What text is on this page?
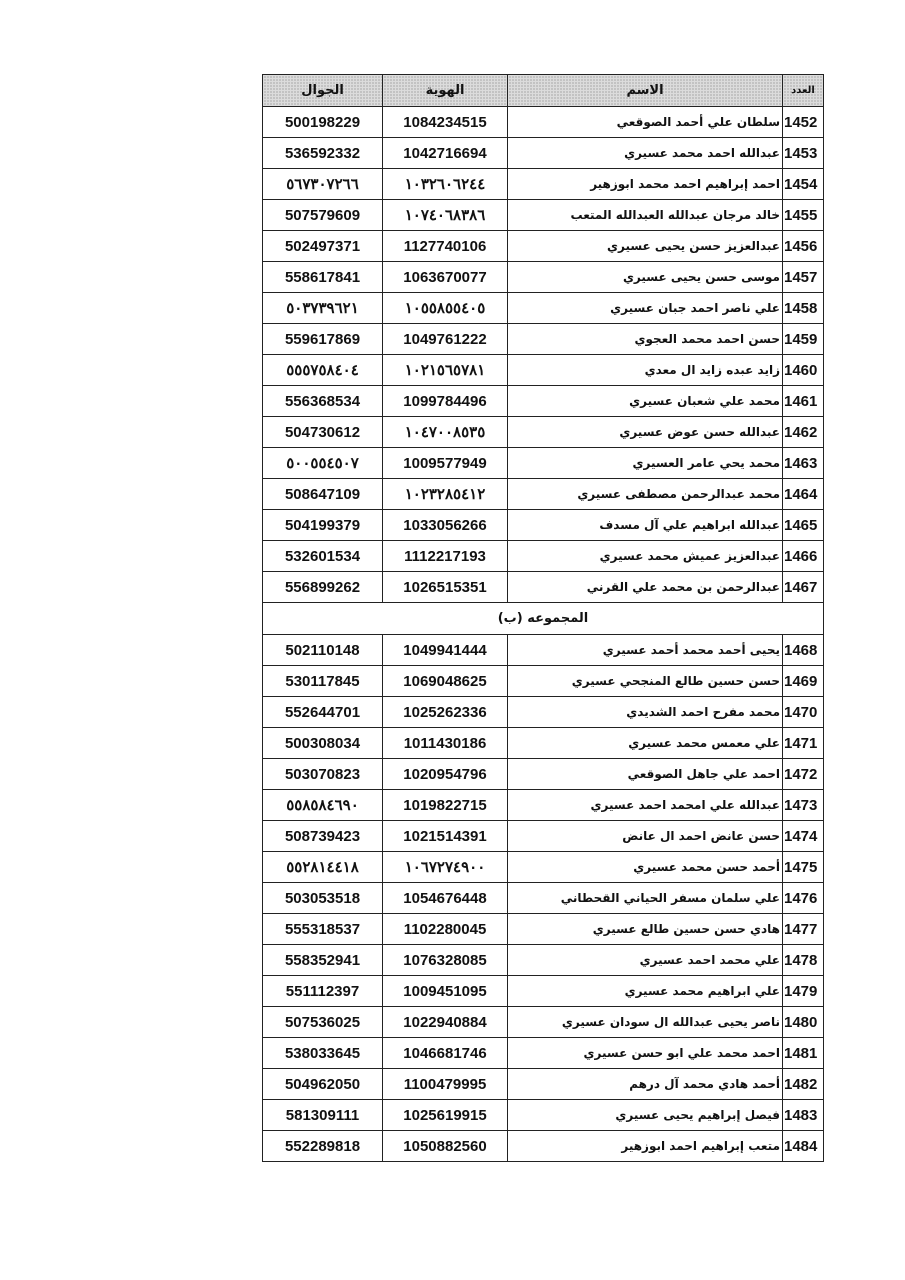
الجوال	الهوية	الاسم	العدد
500198229	1084234515	سلطان علي أحمد الصوقعي	1452
536592332	1042716694	عبدالله احمد محمد عسيري	1453
٥٦٧٣٠٧٢٦٦	١٠٣٢٦٠٦٢٤٤	احمد إبراهيم احمد محمد ابوزهير	1454
507579609	١٠٧٤٠٦٨٣٨٦	خالد مرجان عبدالله العبدالله المتعب	1455
502497371	1127740106	عبدالعزيز حسن يحيى عسيري	1456
558617841	1063670077	موسى حسن يحيى عسيري	1457
٥٠٣٧٣٩٦٢١	١٠٥٥٨٥٥٤٠٥	علي ناصر احمد جبان عسيري	1458
559617869	1049761222	حسن احمد محمد العجوي	1459
٥٥٥٧٥٨٤٠٤	١٠٢١٥٦٥٧٨١	زايد عبده زايد ال معدي	1460
556368534	1099784496	محمد علي شعبان عسيري	1461
504730612	١٠٤٧٠٠٨٥٣٥	عبدالله حسن عوض عسيري	1462
٥٠٠٥٥٤٥٠٧	1009577949	محمد يحي عامر العسيري	1463
508647109	١٠٢٣٢٨٥٤١٢	محمد عبدالرحمن مصطفى عسيري	1464
504199379	1033056266	عبدالله ابراهيم علي آل مسدف	1465
532601534	1112217193	عبدالعزيز عميش محمد عسيري	1466
556899262	1026515351	عبدالرحمن بن محمد علي القرني	1467
المجموعه (ب)			
502110148	1049941444	يحيى أحمد محمد أحمد عسيري	1468
530117845	1069048625	حسن حسين طالع المنجحي عسيري	1469
552644701	1025262336	محمد مفرح احمد الشديدي	1470
500308034	1011430186	علي معمس محمد عسيري	1471
503070823	1020954796	احمد علي جاهل الصوقعي	1472
٥٥٨٥٨٤٦٩٠	1019822715	عبدالله علي امحمد احمد عسيري	1473
508739423	1021514391	حسن عانض احمد ال عانض	1474
٥٥٢٨١٤٤١٨	١٠٦٧٢٧٤٩٠٠	أحمد حسن محمد عسيري	1475
503053518	1054676448	علي سلمان مسفر الحياني القحطاني	1476
555318537	1102280045	هادي حسن حسين طالع عسيري	1477
558352941	1076328085	علي محمد احمد عسيري	1478
551112397	1009451095	علي ابراهيم محمد عسيري	1479
507536025	1022940884	ناصر يحيى عبدالله ال سودان عسيري	1480
538033645	1046681746	احمد محمد علي ابو حسن عسيري	1481
504962050	1100479995	أحمد هادي محمد آل درهم	1482
581309111	1025619915	فيصل إبراهيم يحيى عسيري	1483
552289818	1050882560	متعب إبراهيم احمد ابوزهير	1484
